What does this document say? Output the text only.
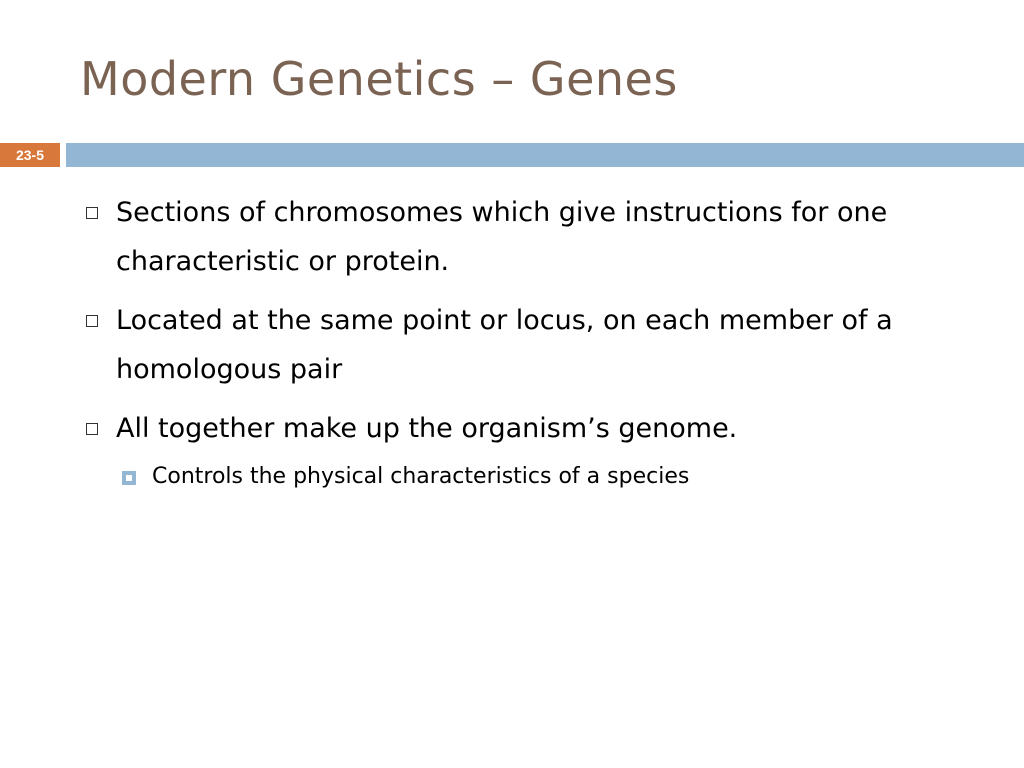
Modern Genetics – Genes
23-5
Sections of chromosomes which give instructions for one characteristic or protein.
Located at the same point or locus, on each member of a homologous pair
All together make up the organism’s genome.
Controls the physical characteristics of a species
